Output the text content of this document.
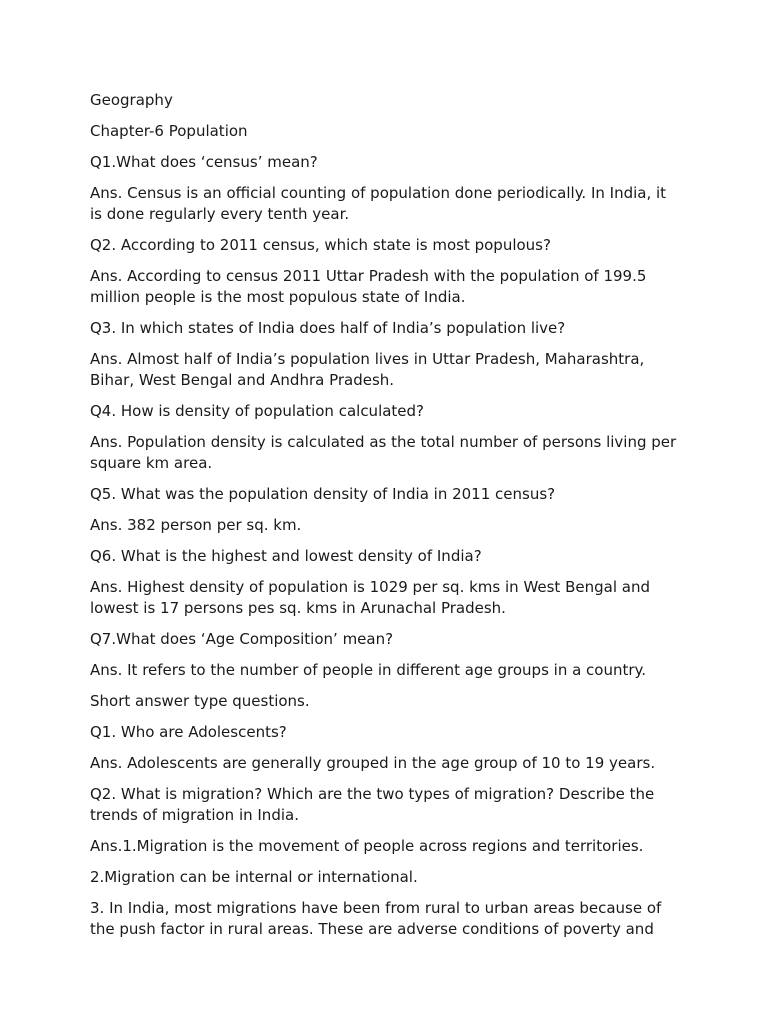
Geography

Chapter-6 Population

Q1.What does ‘census’ mean?

Ans. Census is an official counting of population done periodically. In India, it is done regularly every tenth year.

Q2. According to 2011 census, which state is most populous?

Ans. According to census 2011 Uttar Pradesh with the population of 199.5 million people is the most populous state of India.

Q3. In which states of India does half of India’s population live?

Ans. Almost half of India’s population lives in Uttar Pradesh, Maharashtra, Bihar, West Bengal and Andhra Pradesh.

Q4. How is density of population calculated?

Ans. Population density is calculated as the total number of persons living per square km area.

Q5. What was the population density of India in 2011 census?

Ans. 382 person per sq. km.

Q6. What is the highest and lowest density of India?

Ans. Highest density of population is 1029 per sq. kms in West Bengal and lowest is 17 persons pes sq. kms in Arunachal Pradesh.

Q7.What does ‘Age Composition’ mean?

Ans. It refers to the number of people in different age groups in a country.

Short answer type questions.

Q1. Who are Adolescents?

Ans. Adolescents are generally grouped in the age group of 10 to 19 years.

Q2. What is migration? Which are the two types of migration? Describe the trends of migration in India.

Ans.1.Migration is the movement of people across regions and territories.

2.Migration can be internal or international.

3. In India, most migrations have been from rural to urban areas because of the push factor in rural areas. These are adverse conditions of poverty and
